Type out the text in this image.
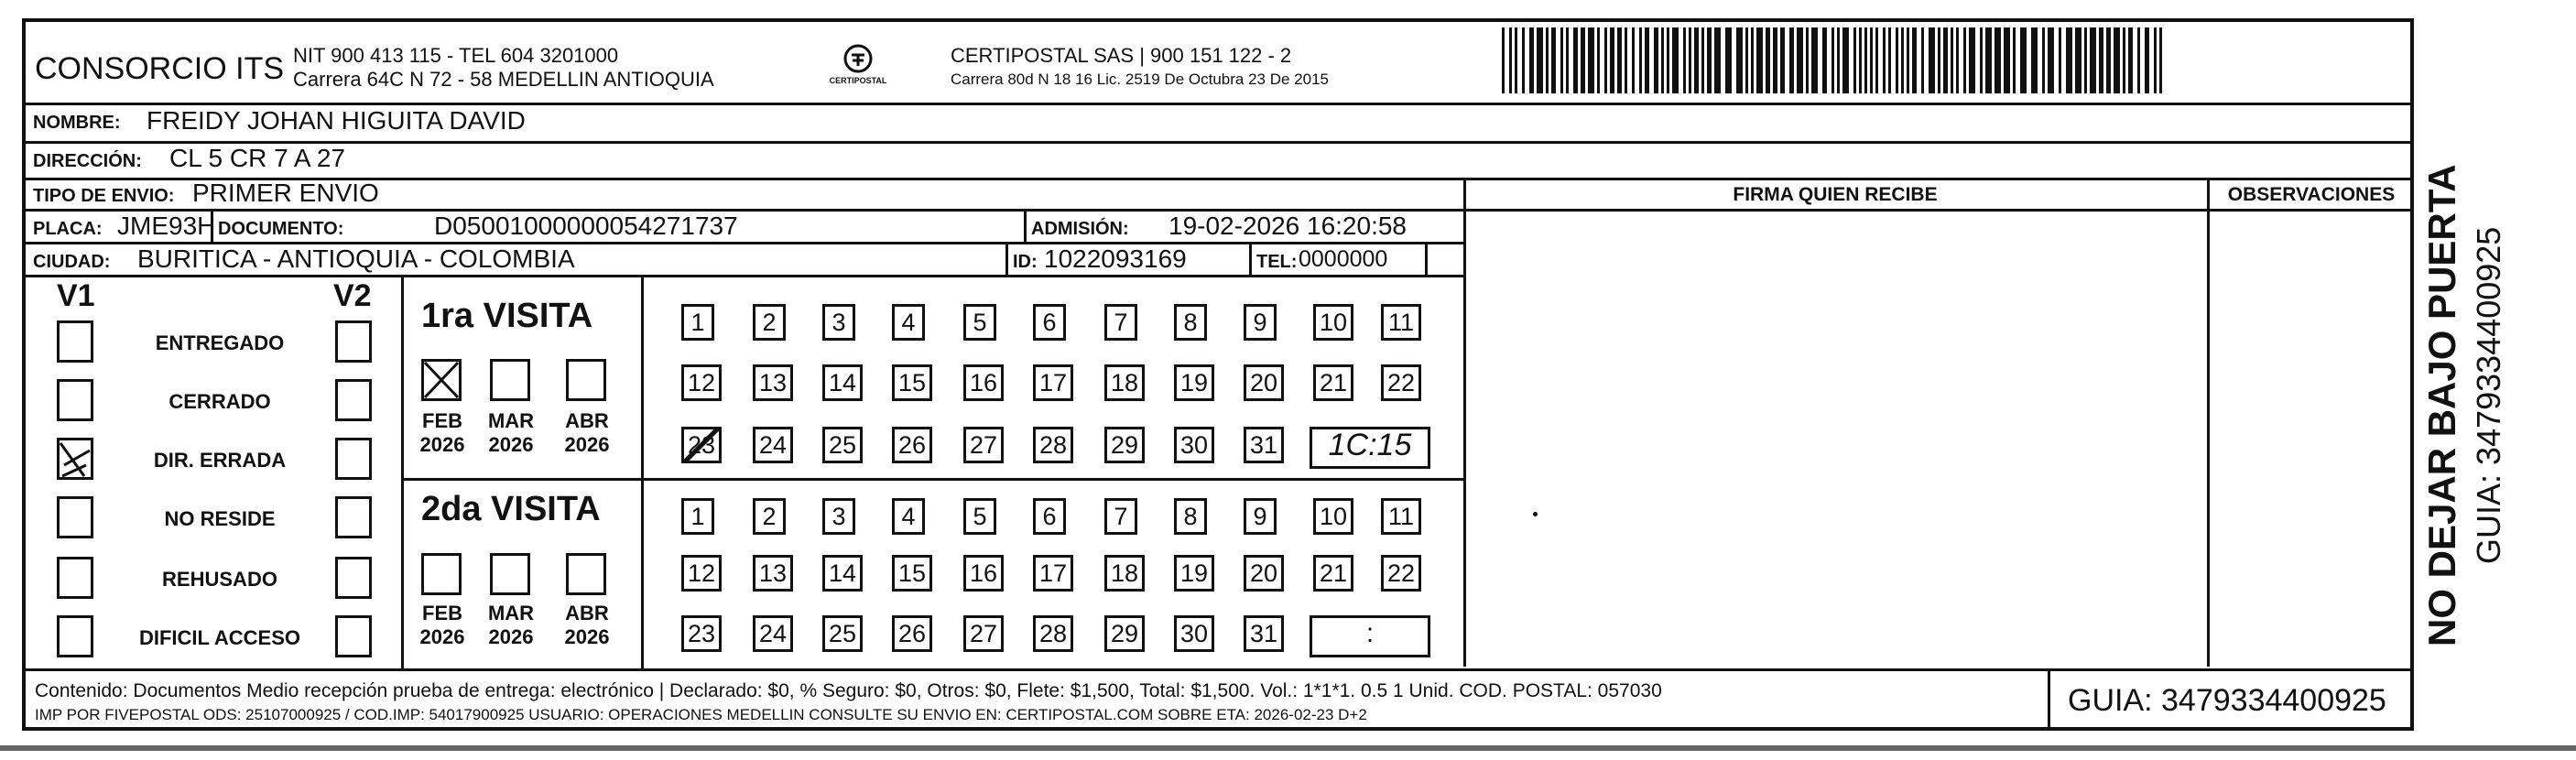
CONSORCIO ITS NIT 900 413 115 - TEL 604 3201000
Carrera 64C N 72 - 58 MEDELLIN ANTIOQUIA	CERTIPOSTAL
CERTIPOSTAL SAS | 900 151 122 - 2
Carrera 80d N 18 16 Lic. 2519 De Octubra 23 De 2015
NOMBRE: FREIDY JOHAN HIGUITA DAVID
DIRECCIÓN: CL 5 CR 7 A 27
TIPO DE ENVIO: PRIMER ENVIO	FIRMA QUIEN RECIBE	OBSERVACIONES
PLACA: JME93H DOCUMENTO:	D05001000000054271737	ADMISIÓN: 19-02-2026 16:20:58
CIUDAD: BURITICA - ANTIOQUIA - COLOMBIA	ID: 1022093169	TEL: 0000000
V1	V2
ENTREGADO
CERRADO
DIR. ERRADA
NO RESIDE
REHUSADO
DIFICIL ACCESO
1ra VISITA
FEB
2026
MAR
2026
ABR
2026
1	2	3	4	5	6	7	8	9	10 11
12 13 14 15 16 17 18 19 20 21 22
23 24 25 26 27 28 29 30 31	1C:15
2da VISITA
FEB
2026
MAR
2026
ABR
2026
1	2	3	4	5	6	7	8	9	10 11
12 13 14 15 16 17 18 19 20 21 22
23 24 25 26 27 28 29 30 31	:
Contenido: Documentos Medio recepción prueba de entrega: electrónico | Declarado: $0, % Seguro: $0, Otros: $0, Flete: $1,500, Total: $1,500. Vol.: 1*1*1. 0.5 1 Unid. COD. POSTAL: 057030
IMP POR FIVEPOSTAL ODS: 25107000925 / COD.IMP: 54017900925 USUARIO: OPERACIONES MEDELLIN CONSULTE SU ENVIO EN: CERTIPOSTAL.COM SOBRE ETA: 2026-02-23 D+2	GUIA: 3479334400925
NO DEJAR BAJO PUERTA GUIA: 3479334400925
